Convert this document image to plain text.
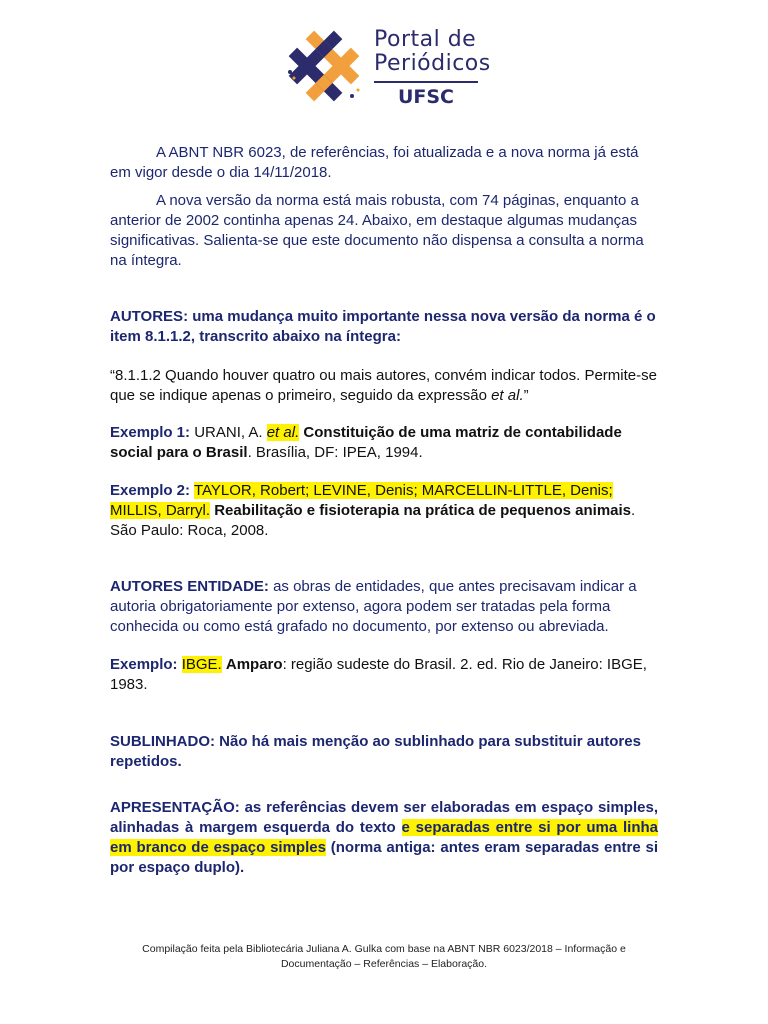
Portal de
Periódicos
UFSC
A ABNT NBR 6023, de referências, foi atualizada e a nova norma já está em vigor desde o dia 14/11/2018.
A nova versão da norma está mais robusta, com 74 páginas, enquanto a anterior de 2002 continha apenas 24. Abaixo, em destaque algumas mudanças significativas. Salienta-se que este documento não dispensa a consulta a norma na íntegra.
AUTORES: uma mudança muito importante nessa nova versão da norma é o item 8.1.1.2, transcrito abaixo na íntegra:
“8.1.1.2 Quando houver quatro ou mais autores, convém indicar todos. Permite-se que se indique apenas o primeiro, seguido da expressão et al.”
Exemplo 1: URANI, A. et al. Constituição de uma matriz de contabilidade social para o Brasil. Brasília, DF: IPEA, 1994.
Exemplo 2: TAYLOR, Robert; LEVINE, Denis; MARCELLIN-LITTLE, Denis; MILLIS, Darryl. Reabilitação e fisioterapia na prática de pequenos animais. São Paulo: Roca, 2008.
AUTORES ENTIDADE: as obras de entidades, que antes precisavam indicar a autoria obrigatoriamente por extenso, agora podem ser tratadas pela forma conhecida ou como está grafado no documento, por extenso ou abreviada.
Exemplo: IBGE. Amparo: região sudeste do Brasil. 2. ed. Rio de Janeiro: IBGE, 1983.
SUBLINHADO: Não há mais menção ao sublinhado para substituir autores repetidos.
APRESENTAÇÃO: as referências devem ser elaboradas em espaço simples, alinhadas à margem esquerda do texto e separadas entre si por uma linha em branco de espaço simples (norma antiga: antes eram separadas entre si por espaço duplo).
Compilação feita pela Bibliotecária Juliana A. Gulka com base na ABNT NBR 6023/2018 – Informação e
Documentação – Referências – Elaboração.
